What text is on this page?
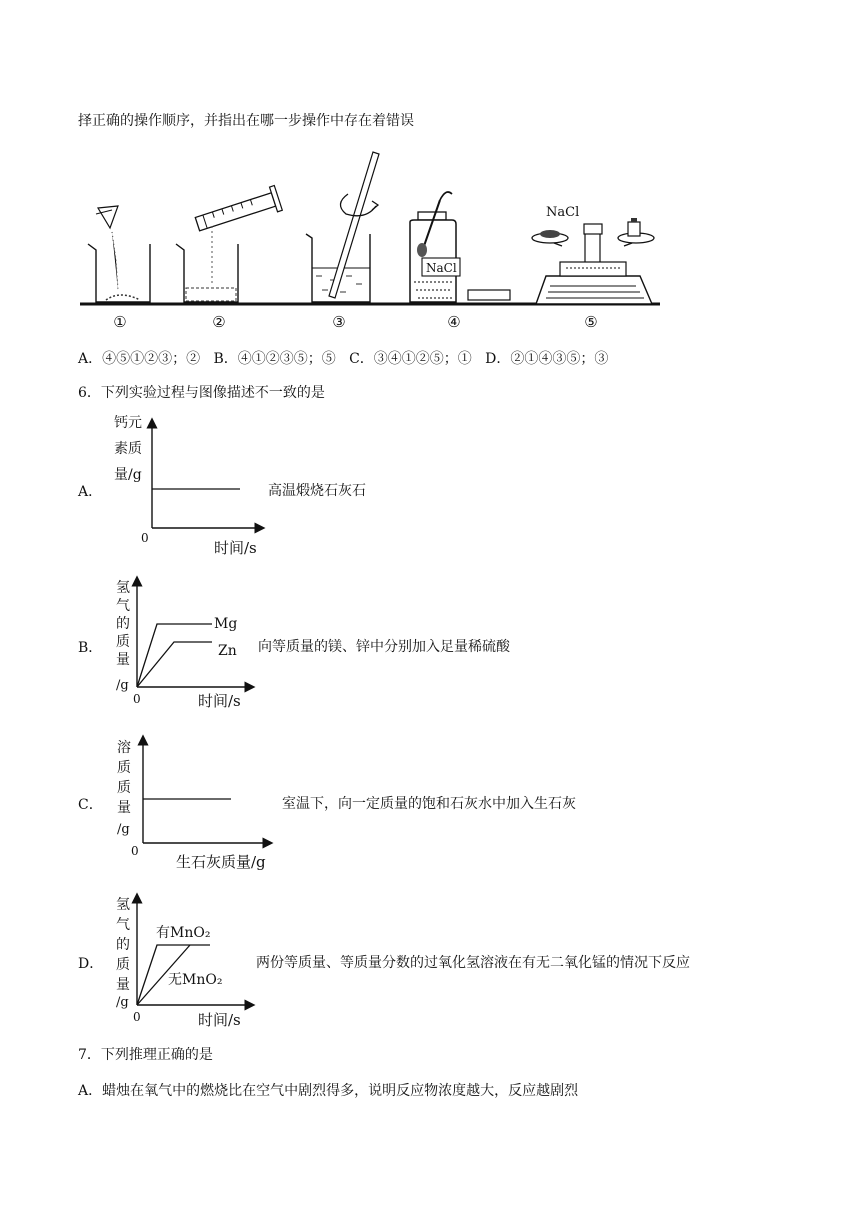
择正确的操作顺序，并指出在哪一步操作中存在着错误
NaCl
NaCl
①	②	③	④	⑤
A．④⑤①②③；②   B．④①②③⑤；⑤   C．③④①②⑤；①   D．②①④③⑤；③
6．下列实验过程与图像描述不一致的是
A．
钙元
素质
量/g
0
时间/s
高温煅烧石灰石
B．
Mg
Zn
氢
气
的
质
量
/g
0	时间/s
向等质量的镁、锌中分别加入足量稀硫酸
C．
溶
质
质
量
/g
0
生石灰质量/g
室温下，向一定质量的饱和石灰水中加入生石灰
D．
有MnO₂
无MnO₂
氢
气
的
质
量
/g
0	时间/s
两份等质量、等质量分数的过氧化氢溶液在有无二氧化锰的情况下反应
7．下列推理正确的是
A．蜡烛在氧气中的燃烧比在空气中剧烈得多，说明反应物浓度越大，反应越剧烈
